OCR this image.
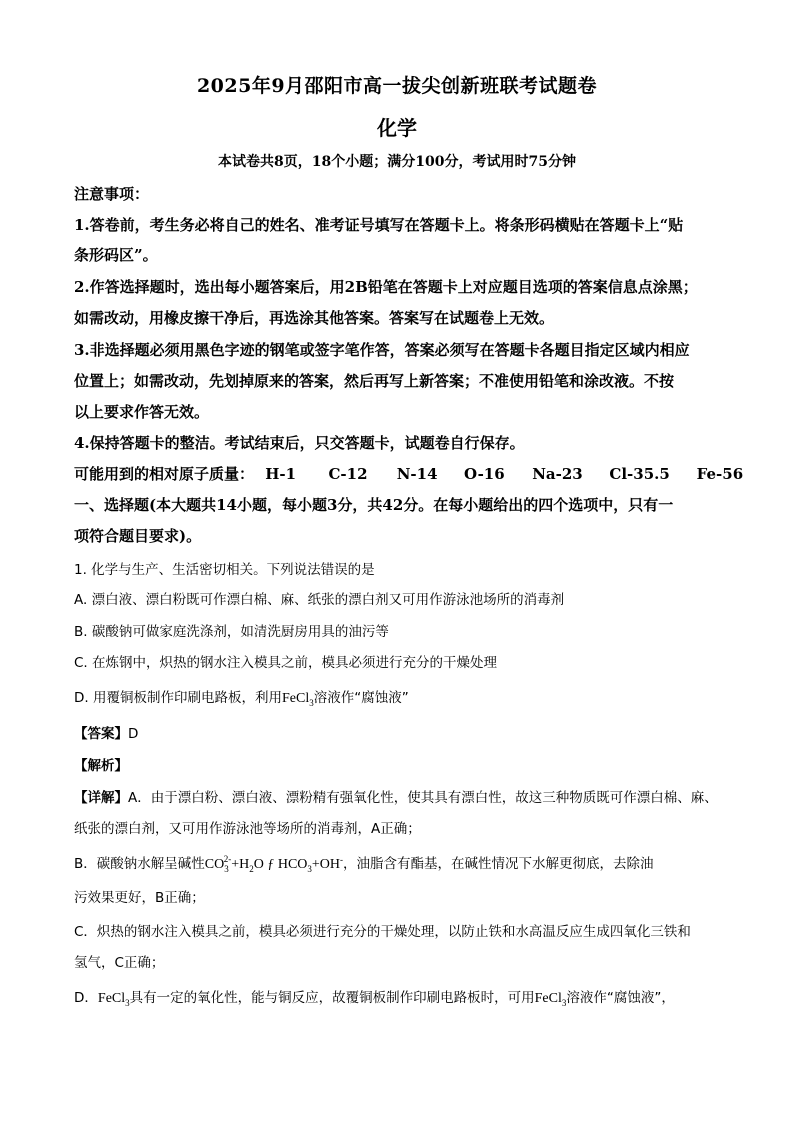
2025年9月邵阳市高一拔尖创新班联考试题卷
化学
本试卷共8页，18个小题；满分100分，考试用时75分钟
注意事项：
1.答卷前，考生务必将自己的姓名、准考证号填写在答题卡上。将条形码横贴在答题卡上“贴
条形码区”。
2.作答选择题时，选出每小题答案后，用2B铅笔在答题卡上对应题目选项的答案信息点涂黑；
如需改动，用橡皮擦干净后，再选涂其他答案。答案写在试题卷上无效。
3.非选择题必须用黑色字迹的钢笔或签字笔作答，答案必须写在答题卡各题目指定区域内相应
位置上；如需改动，先划掉原来的答案，然后再写上新答案；不准使用铅笔和涂改液。不按
以上要求作答无效。
4.保持答题卡的整洁。考试结束后，只交答题卡，试题卷自行保存。
可能用到的相对原子质量： H-1 C-12 N-14 O-16 Na-23 Cl-35.5 Fe-56
一、选择题(本大题共14小题，每小题3分，共42分。在每小题给出的四个选项中，只有一
项符合题目要求)。
1. 化学与生产、生活密切相关。下列说法错误的是
A. 漂白液、漂白粉既可作漂白棉、麻、纸张的漂白剂又可用作游泳池场所的消毒剂
B. 碳酸钠可做家庭洗涤剂，如清洗厨房用具的油污等
C. 在炼钢中，炽热的钢水注入模具之前，模具必须进行充分的干燥处理
D. 用覆铜板制作印刷电路板，利用FeCl$_3$溶液作“腐蚀液”
【答案】D
【解析】
【详解】A．由于漂白粉、漂白液、漂粉精有强氧化性，使其具有漂白性，故这三种物质既可作漂白棉、麻、
纸张的漂白剂，又可用作游泳池等场所的消毒剂，A正确；
B．碳酸钠水解呈碱性$CO_3^{2-}+H_2O$ ƒ $HCO_3+OH^-$，油脂含有酯基，在碱性情况下水解更彻底，去除油
污效果更好，B正确；
C．炽热的钢水注入模具之前，模具必须进行充分的干燥处理，以防止铁和水高温反应生成四氧化三铁和
氢气，C正确；
D．FeCl$_3$具有一定的氧化性，能与铜反应，故覆铜板制作印刷电路板时，可用FeCl$_3$溶液作“腐蚀液”，
